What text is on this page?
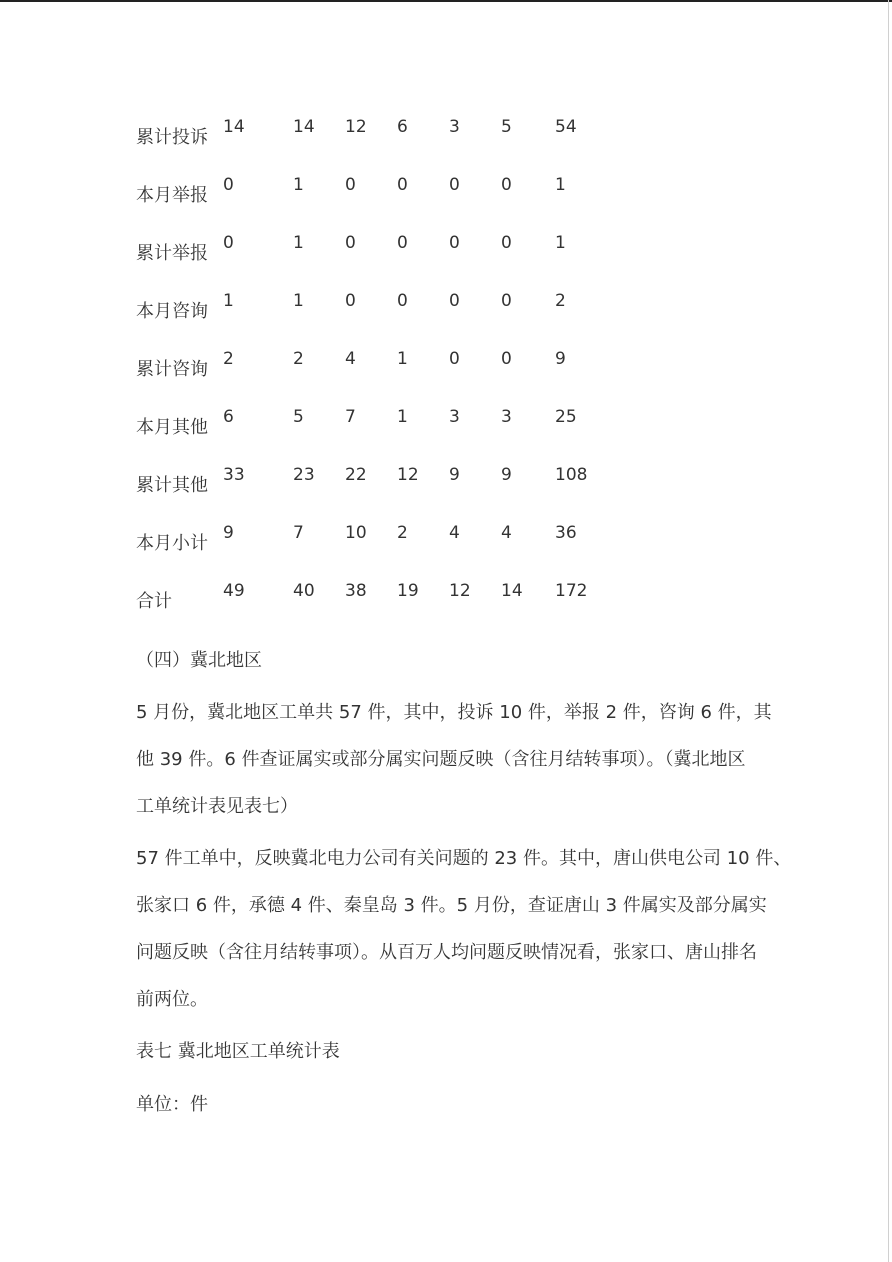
累计投诉 14	14 12 6 3 5	54
本月举报 0	1 0 0 0 0	1
累计举报 0	1 0 0 0 0	1
本月咨询 1	1 0 0 0 0	2
累计咨询 2	2 4 1 0 0	9
本月其他 6	5 7 1 3 3	25
累计其他 33	23 22 12 9 9	108
本月小计 9	7 10 2 4 4	36
合计	49	40 38 19 12 14 172
（四）冀北地区
5 月份，冀北地区工单共 57 件，其中，投诉 10 件，举报 2 件，咨询 6 件，其
他 39 件。6 件查证属实或部分属实问题反映（含往月结转事项）。（冀北地区
工单统计表见表七）
57 件工单中，反映冀北电力公司有关问题的 23 件。其中，唐山供电公司 10 件、
张家口 6 件，承德 4 件、秦皇岛 3 件。5 月份，查证唐山 3 件属实及部分属实
问题反映（含往月结转事项）。从百万人均问题反映情况看，张家口、唐山排名
前两位。
表七 冀北地区工单统计表
单位：件
